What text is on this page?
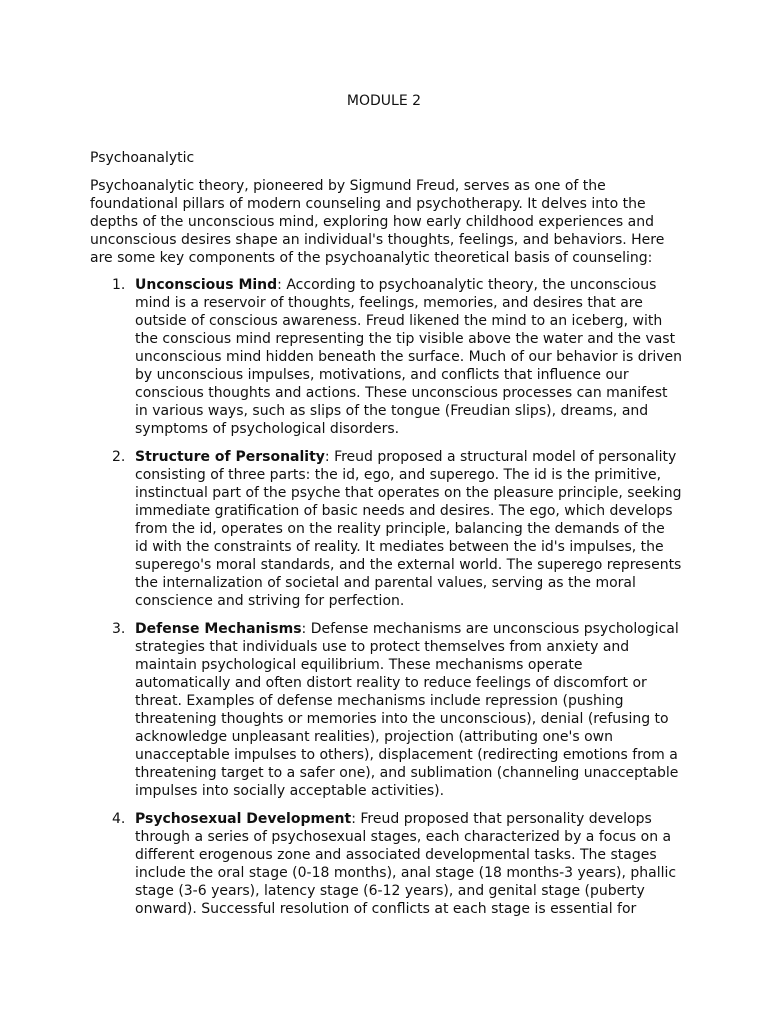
MODULE 2
Psychoanalytic

Psychoanalytic theory, pioneered by Sigmund Freud, serves as one of the foundational pillars of modern counseling and psychotherapy. It delves into the depths of the unconscious mind, exploring how early childhood experiences and unconscious desires shape an individual's thoughts, feelings, and behaviors. Here are some key components of the psychoanalytic theoretical basis of counseling:

1. Unconscious Mind: According to psychoanalytic theory, the unconscious mind is a reservoir of thoughts, feelings, memories, and desires that are outside of conscious awareness. Freud likened the mind to an iceberg, with the conscious mind representing the tip visible above the water and the vast unconscious mind hidden beneath the surface. Much of our behavior is driven by unconscious impulses, motivations, and conflicts that influence our conscious thoughts and actions. These unconscious processes can manifest in various ways, such as slips of the tongue (Freudian slips), dreams, and symptoms of psychological disorders.
2. Structure of Personality: Freud proposed a structural model of personality consisting of three parts: the id, ego, and superego. The id is the primitive, instinctual part of the psyche that operates on the pleasure principle, seeking immediate gratification of basic needs and desires. The ego, which develops from the id, operates on the reality principle, balancing the demands of the id with the constraints of reality. It mediates between the id's impulses, the superego's moral standards, and the external world. The superego represents the internalization of societal and parental values, serving as the moral conscience and striving for perfection.
3. Defense Mechanisms: Defense mechanisms are unconscious psychological strategies that individuals use to protect themselves from anxiety and maintain psychological equilibrium. These mechanisms operate automatically and often distort reality to reduce feelings of discomfort or threat. Examples of defense mechanisms include repression (pushing threatening thoughts or memories into the unconscious), denial (refusing to acknowledge unpleasant realities), projection (attributing one's own unacceptable impulses to others), displacement (redirecting emotions from a threatening target to a safer one), and sublimation (channeling unacceptable impulses into socially acceptable activities).
4. Psychosexual Development: Freud proposed that personality develops through a series of psychosexual stages, each characterized by a focus on a different erogenous zone and associated developmental tasks. The stages include the oral stage (0-18 months), anal stage (18 months-3 years), phallic stage (3-6 years), latency stage (6-12 years), and genital stage (puberty onward). Successful resolution of conflicts at each stage is essential for
